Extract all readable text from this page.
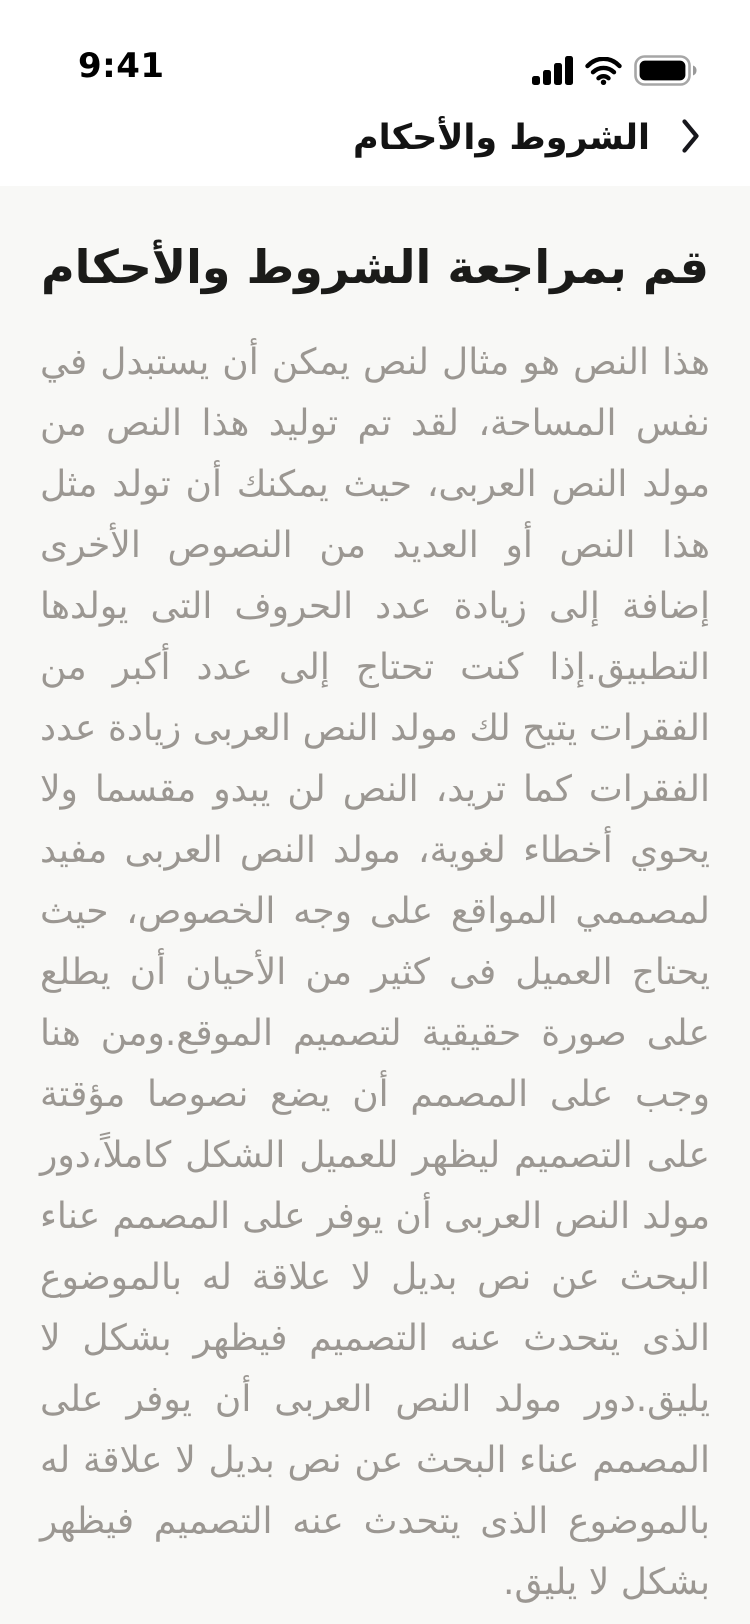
9:41
الشروط والأحكام
قم بمراجعة الشروط والأحكام

هذا النص هو مثال لنص يمكن أن يستبدل في نفس المساحة، لقد تم توليد هذا النص من مولد النص العربى، حيث يمكنك أن تولد مثل هذا النص أو العديد من النصوص الأخرى إضافة إلى زيادة عدد الحروف التى يولدها التطبيق.إذا كنت تحتاج إلى عدد أكبر من الفقرات يتيح لك مولد النص العربى زيادة عدد الفقرات كما تريد، النص لن يبدو مقسما ولا يحوي أخطاء لغوية، مولد النص العربى مفيد لمصممي المواقع على وجه الخصوص، حيث يحتاج العميل فى كثير من الأحيان أن يطلع على صورة حقيقية لتصميم الموقع.ومن هنا وجب على المصمم أن يضع نصوصا مؤقتة على التصميم ليظهر للعميل الشكل كاملاً،دور مولد النص العربى أن يوفر على المصمم عناء البحث عن نص بديل لا علاقة له بالموضوع الذى يتحدث عنه التصميم فيظهر بشكل لا يليق.دور مولد النص العربى أن يوفر على المصمم عناء البحث عن نص بديل لا علاقة له بالموضوع الذى يتحدث عنه التصميم فيظهر بشكل لا يليق.
